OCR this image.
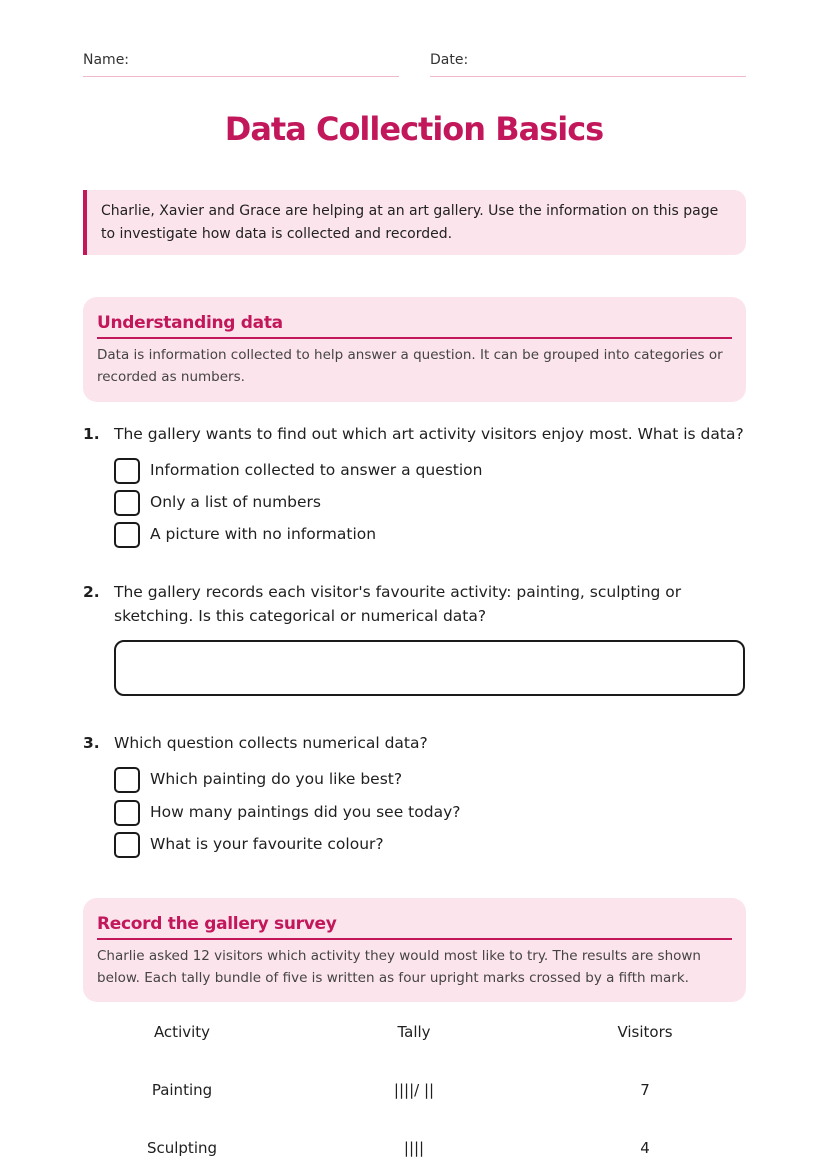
Name:	Date:
Data Collection Basics
Charlie, Xavier and Grace are helping at an art gallery. Use the information on this page to investigate how data is collected and recorded.
Understanding data
Data is information collected to help answer a question. It can be grouped into categories or recorded as numbers.
1. The gallery wants to find out which art activity visitors enjoy most. What is data?
Information collected to answer a question
Only a list of numbers
A picture with no information
2. The gallery records each visitor's favourite activity: painting, sculpting or sketching. Is this categorical or numerical data?
3. Which question collects numerical data?
Which painting do you like best?
How many paintings did you see today?
What is your favourite colour?
Record the gallery survey
Charlie asked 12 visitors which activity they would most like to try. The results are shown below. Each tally bundle of five is written as four upright marks crossed by a fifth mark.
Activity	Tally	Visitors
Painting	||||/ ||	7
Sculpting	||||	4
